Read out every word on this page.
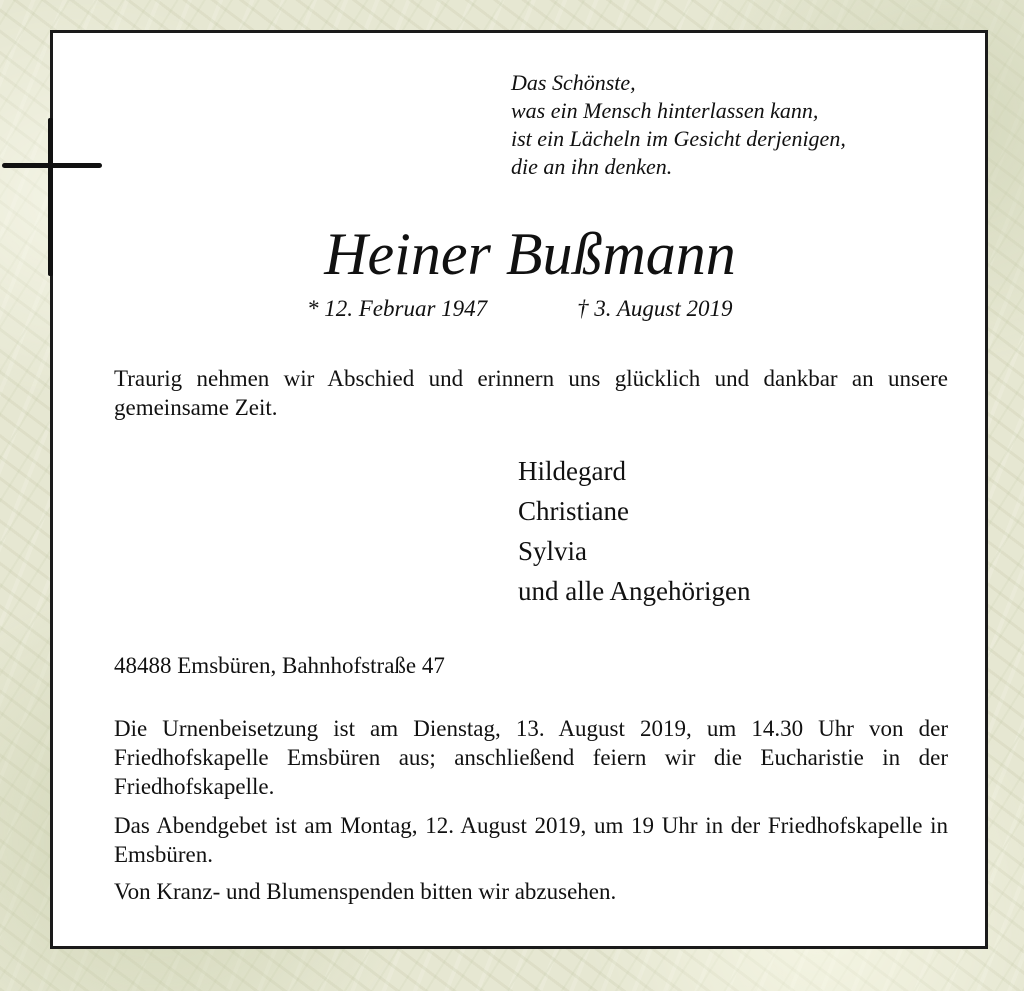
Das Schönste,
was ein Mensch hinterlassen kann,
ist ein Lächeln im Gesicht derjenigen,
die an ihn denken.
Heiner Bußmann
* 12. Februar 1947	† 3. August 2019
Traurig nehmen wir Abschied und erinnern uns glücklich und dankbar an unsere gemeinsame Zeit.
Hildegard
Christiane
Sylvia
und alle Angehörigen
48488 Emsbüren, Bahnhofstraße 47
Die Urnenbeisetzung ist am Dienstag, 13. August 2019, um 14.30 Uhr von der Friedhofskapelle Emsbüren aus; anschließend feiern wir die Eucharistie in der Friedhofskapelle.
Das Abendgebet ist am Montag, 12. August 2019, um 19 Uhr in der Friedhofskapelle in Emsbüren.
Von Kranz- und Blumenspenden bitten wir abzusehen.
